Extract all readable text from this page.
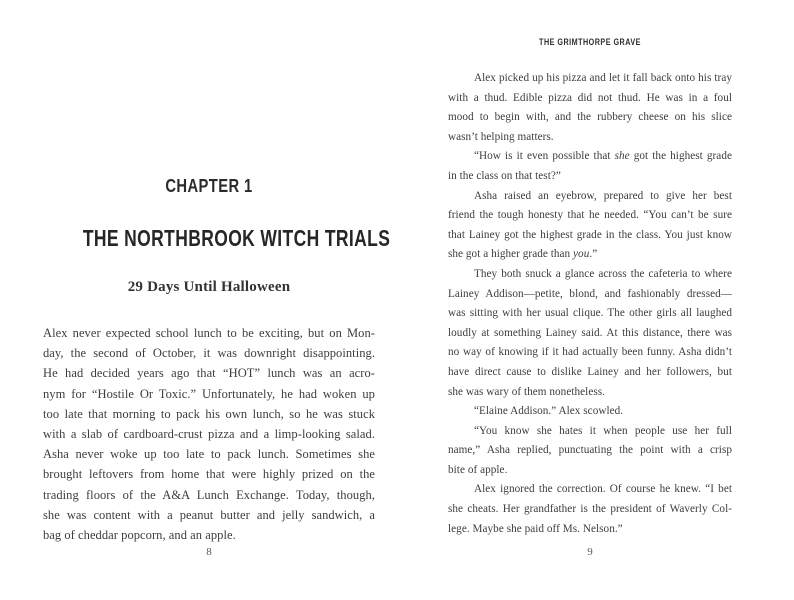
CHAPTER 1
THE NORTHBROOK WITCH TRIALS
29 Days Until Halloween
Alex never expected school lunch to be exciting, but on Mon-
day, the second of October, it was downright disappointing.
He had decided years ago that “HOT” lunch was an acro-
nym for “Hostile Or Toxic.” Unfortunately, he had woken up
too late that morning to pack his own lunch, so he was stuck
with a slab of cardboard-crust pizza and a limp-looking salad.
Asha never woke up too late to pack lunch. Sometimes she
brought leftovers from home that were highly prized on the
trading floors of the A&A Lunch Exchange. Today, though,
she was content with a peanut butter and jelly sandwich, a
bag of cheddar popcorn, and an apple.
8
THE GRIMTHORPE GRAVE
Alex picked up his pizza and let it fall back onto his tray
with a thud. Edible pizza did not thud. He was in a foul
mood to begin with, and the rubbery cheese on his slice
wasn’t helping matters.
“How is it even possible that she got the highest grade
in the class on that test?”
Asha raised an eyebrow, prepared to give her best
friend the tough honesty that he needed. “You can’t be sure
that Lainey got the highest grade in the class. You just know
she got a higher grade than you.”
They both snuck a glance across the cafeteria to where
Lainey Addison—petite, blond, and fashionably dressed—
was sitting with her usual clique. The other girls all laughed
loudly at something Lainey said. At this distance, there was
no way of knowing if it had actually been funny. Asha didn’t
have direct cause to dislike Lainey and her followers, but
she was wary of them nonetheless.
“Elaine Addison.” Alex scowled.
“You know she hates it when people use her full
name,” Asha replied, punctuating the point with a crisp
bite of apple.
Alex ignored the correction. Of course he knew. “I bet
she cheats. Her grandfather is the president of Waverly Col-
lege. Maybe she paid off Ms. Nelson.”
9
